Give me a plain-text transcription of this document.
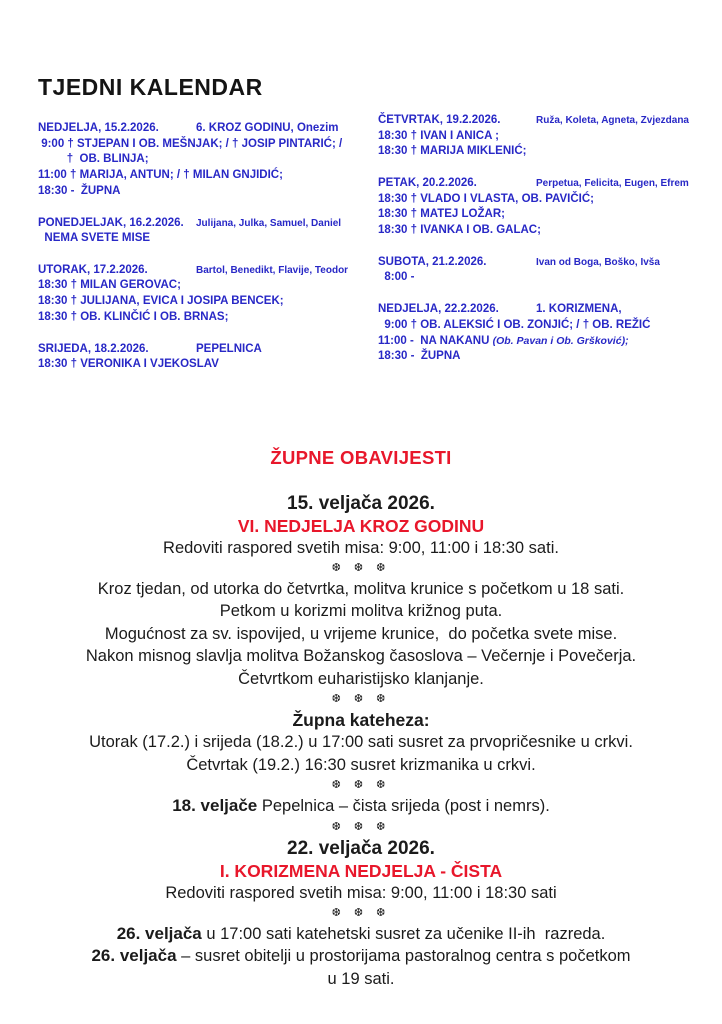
TJEDNI KALENDAR
NEDJELJA, 15.2.2026.	6. KROZ GODINU, Onezim
9:00 † STJEPAN I OB. MEŠNJAK; / † JOSIP PINTARIĆ; /
†  OB. BLINJA;
11:00 † MARIJA, ANTUN; / † MILAN GNJIDIĆ;
18:30 -  ŽUPNA
PONEDJELJAK, 16.2.2026.	Julijana, Julka, Samuel, Daniel
NEMA SVETE MISE
UTORAK, 17.2.2026.	Bartol, Benedikt, Flavije, Teodor
18:30 † MILAN GEROVAC;
18:30 † JULIJANA, EVICA I JOSIPA BENCEK;
18:30 † OB. KLINČIĆ I OB. BRNAS;
SRIJEDA, 18.2.2026.	PEPELNICA
18:30 † VERONIKA I VJEKOSLAV
ČETVRTAK, 19.2.2026.	Ruža, Koleta, Agneta, Zvjezdana
18:30 † IVAN I ANICA ;
18:30 † MARIJA MIKLENIĆ;
PETAK, 20.2.2026.	Perpetua, Felicita, Eugen, Efrem
18:30 † VLADO I VLASTA, OB. PAVIČIĆ;
18:30 † MATEJ LOŽAR;
18:30 † IVANKA I OB. GALAC;
SUBOTA, 21.2.2026.	Ivan od Boga, Boško, Ivša
8:00 -
NEDJELJA, 22.2.2026.	1. KORIZMENA,
9:00 † OB. ALEKSIĆ I OB. ZONJIĆ; / † OB. REŽIĆ
11:00 -  NA NAKANU (Ob. Pavan i Ob. Gršković);
18:30 -  ŽUPNA
ŽUPNE OBAVIJESTI
15. veljača 2026.
VI. NEDJELJA KROZ GODINU
Redoviti raspored svetih misa: 9:00, 11:00 i 18:30 sati.
❆ ❆ ❆
Kroz tjedan, od utorka do četvrtka, molitva krunice s početkom u 18 sati.
Petkom u korizmi molitva križnog puta.
Mogućnost za sv. ispovijed, u vrijeme krunice,  do početka svete mise.
Nakon misnog slavlja molitva Božanskog časoslova – Večernje i Povečerja.
Četvrtkom euharistijsko klanjanje.
❆ ❆ ❆
Župna kateheza:
Utorak (17.2.) i srijeda (18.2.) u 17:00 sati susret za prvopričesnike u crkvi.
Četvrtak (19.2.) 16:30 susret krizmanika u crkvi.
❆ ❆ ❆
18. veljače Pepelnica – čista srijeda (post i nemrs).
❆ ❆ ❆
22. veljača 2026.
I. KORIZMENA NEDJELJA - ČISTA
Redoviti raspored svetih misa: 9:00, 11:00 i 18:30 sati
❆ ❆ ❆
26. veljača u 17:00 sati katehetski susret za učenike II-ih  razreda.
26. veljača – susret obitelji u prostorijama pastoralnog centra s početkom
u 19 sati.
